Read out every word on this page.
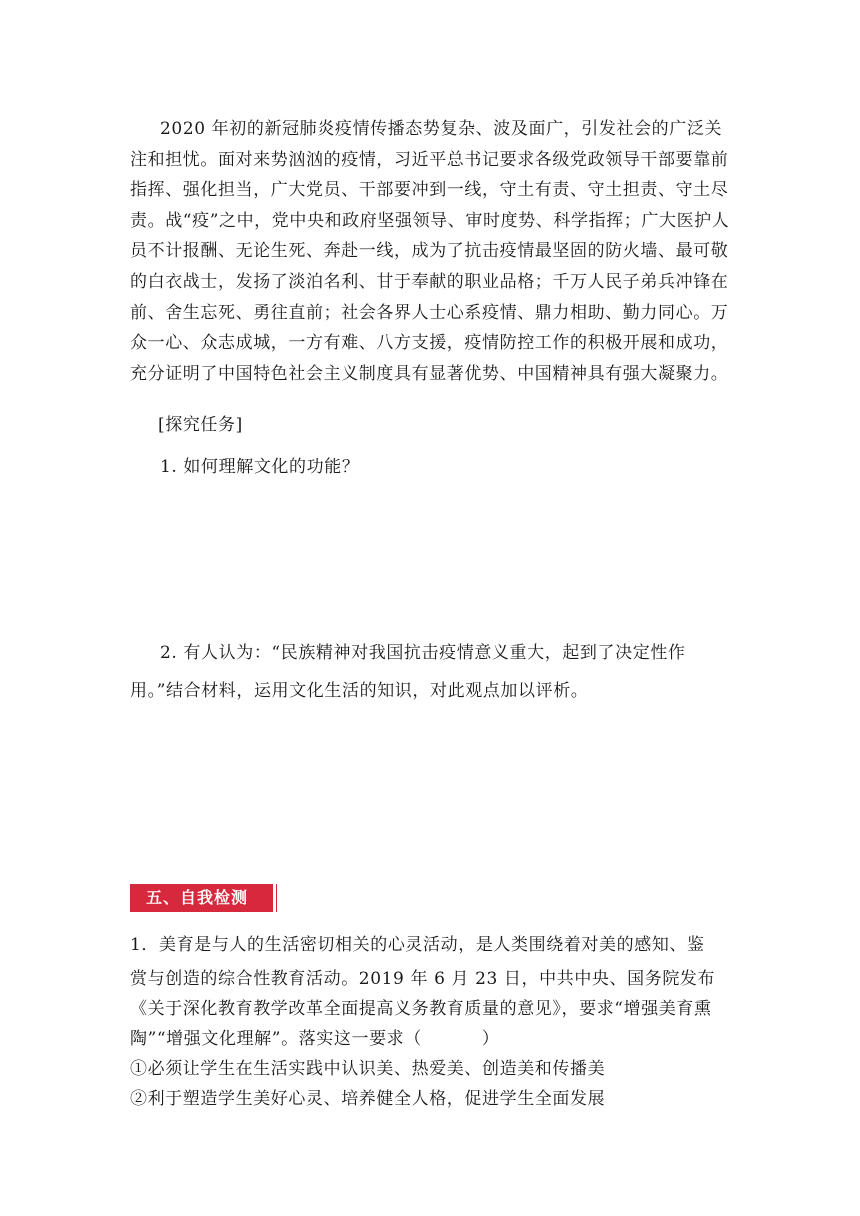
2020 年初的新冠肺炎疫情传播态势复杂、波及面广，引发社会的广泛关注和担忧。面对来势汹汹的疫情，习近平总书记要求各级党政领导干部要靠前指挥、强化担当，广大党员、干部要冲到一线，守土有责、守土担责、守土尽责。战“疫”之中，党中央和政府坚强领导、审时度势、科学指挥；广大医护人员不计报酬、无论生死、奔赴一线，成为了抗击疫情最坚固的防火墙、最可敬的白衣战士，发扬了淡泊名利、甘于奉献的职业品格；千万人民子弟兵冲锋在前、舍生忘死、勇往直前；社会各界人士心系疫情、鼎力相助、勤力同心。万众一心、众志成城，一方有难、八方支援，疫情防控工作的积极开展和成功，充分证明了中国特色社会主义制度具有显著优势、中国精神具有强大凝聚力。

[探究任务]

1. 如何理解文化的功能？

2. 有人认为：“民族精神对我国抗击疫情意义重大，起到了决定性作用。”结合材料，运用文化生活的知识，对此观点加以评析。

五、自我检测
1．美育是与人的生活密切相关的心灵活动，是人类围绕着对美的感知、鉴
赏与创造的综合性教育活动。2019 年 6 月 23 日，中共中央、国务院发布《关于深化教育教学改革全面提高义务教育质量的意见》，要求“增强美育熏陶”“增强文化理解”。落实这一要求（	）
①必须让学生在生活实践中认识美、热爱美、创造美和传播美
②利于塑造学生美好心灵、培养健全人格，促进学生全面发展
